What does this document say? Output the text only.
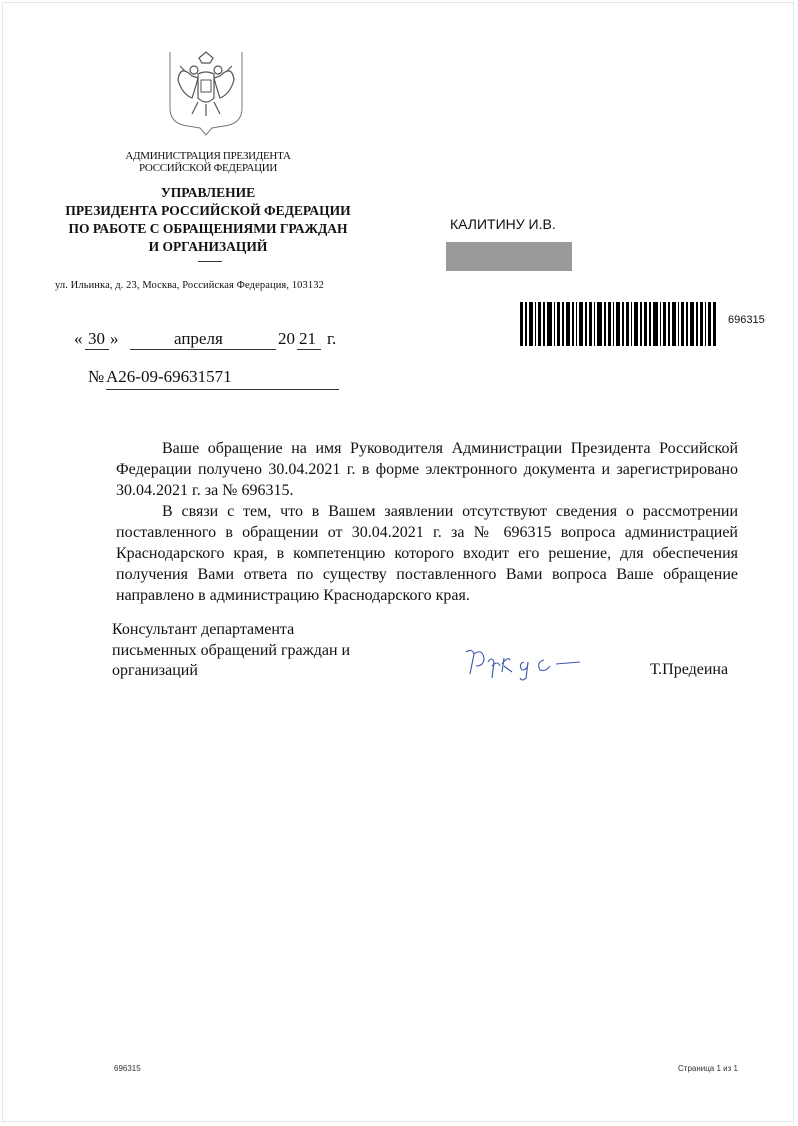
АДМИНИСТРАЦИЯ ПРЕЗИДЕНТА
РОССИЙСКОЙ ФЕДЕРАЦИИ
УПРАВЛЕНИЕ
ПРЕЗИДЕНТА РОССИЙСКОЙ ФЕДЕРАЦИИ
ПО РАБОТЕ С ОБРАЩЕНИЯМИ ГРАЖДАН
И ОРГАНИЗАЦИЙ
ул. Ильинка, д. 23, Москва, Российская Федерация, 103132
КАЛИТИНУ И.В.
696315
« 30 »	апреля	20 21 г.
№ А26-09-69631571
Ваше обращение на имя Руководителя Администрации Президента Российской Федерации получено 30.04.2021 г. в форме электронного документа и зарегистрировано 30.04.2021 г. за № 696315.
В связи с тем, что в Вашем заявлении отсутствуют сведения о рассмотрении поставленного в обращении от 30.04.2021 г. за № 696315 вопроса администрацией Краснодарского края, в компетенцию которого входит его решение, для обеспечения получения Вами ответа по существу поставленного Вами вопроса Ваше обращение направлено в администрацию Краснодарского края.
Консультант департамента
письменных обращений граждан и
организаций	Т.Предеина
696315	Страница 1 из 1
